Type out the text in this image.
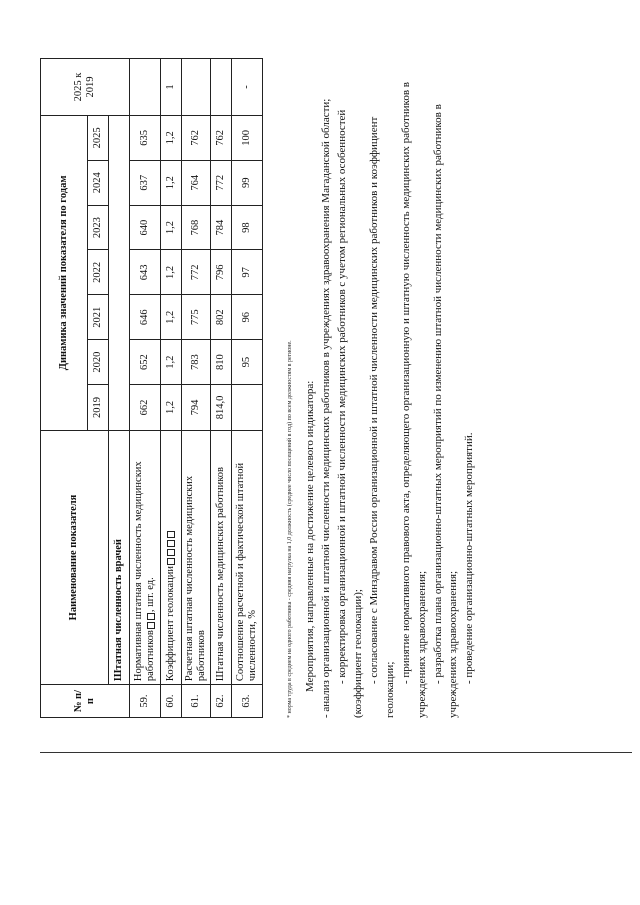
№ п/п	Наименование показателя	Динамика значений показателя по годам							2025 к 2019
		2019	2020	2021	2022	2023	2024	2025	
	Штатная численность врачей								
59.	Нормативная штатная численность медицинских работников, шт. ед.	662	652	646	643	640	637	635	
60.	Коэффициент геолокации	1,2	1,2	1,2	1,2	1,2	1,2	1,2	1
61.	Расчетная штатная численность медицинских работников	794	783	775	772	768	764	762	
62.	Штатная численность медицинских работников	814,0	810	802	796	784	772	762	
63.	Соотношение расчетной и фактической штатной численности, %		95	96	97	98	99	100	-
* норма труда в среднем на одного работника - средняя нагрузка на 1,0 должность (среднее число посещений в год) по всем должностям в регионе. Мероприятия, направленные на достижение целевого индикатора: - анализ организационной и штатной численности медицинских работников в учреждениях здравоохранения Магаданской области; - корректировка организационной и штатной численности медицинских работников с учетом региональных особенностей (коэффициент геолокации); - согласование с Минздравом России организационной и штатной численности медицинских работников и коэффициент геолокации;

- принятие нормативного правового акта, определяющего организационную и штатную численность медицинских работников в учреждениях здравоохранения; - разработка плана организационно-штатных мероприятий по изменению штатной численности медицинских работников в учреждениях здравоохранения; - проведение организационно-штатных мероприятий.
